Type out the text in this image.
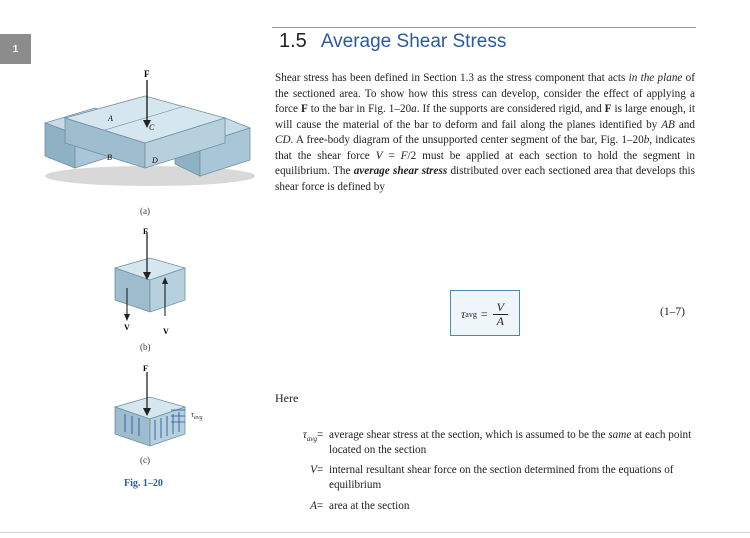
1	1.5 Average Shear Stress
Shear stress has been defined in Section 1.3 as the stress component that acts in the plane of the sectioned area. To show how this stress can develop, consider the effect of applying a force F to the bar in Fig. 1–20a. If the supports are considered rigid, and F is large enough, it will cause the material of the bar to deform and fail along the planes identified by AB and CD. A free-body diagram of the unsupported center segment of the bar, Fig. 1–20b, indicates that the shear force V = F/2 must be applied at each section to hold the segment in equilibrium. The average shear stress distributed over each sectioned area that develops this shear force is defined by
τ avg = $\frac{V}{A}$	(1–7)
Here
$\tau_{avg}$ = average shear stress at the section, which is assumed to be the same at each point located on the section
V = internal resultant shear force on the section determined from the equations of equilibrium
A = area at the section
F
A
C
B	D
(a)
F
V	V
(b)
F
$\tau_{avg}$
(c)
Fig. 1–20
